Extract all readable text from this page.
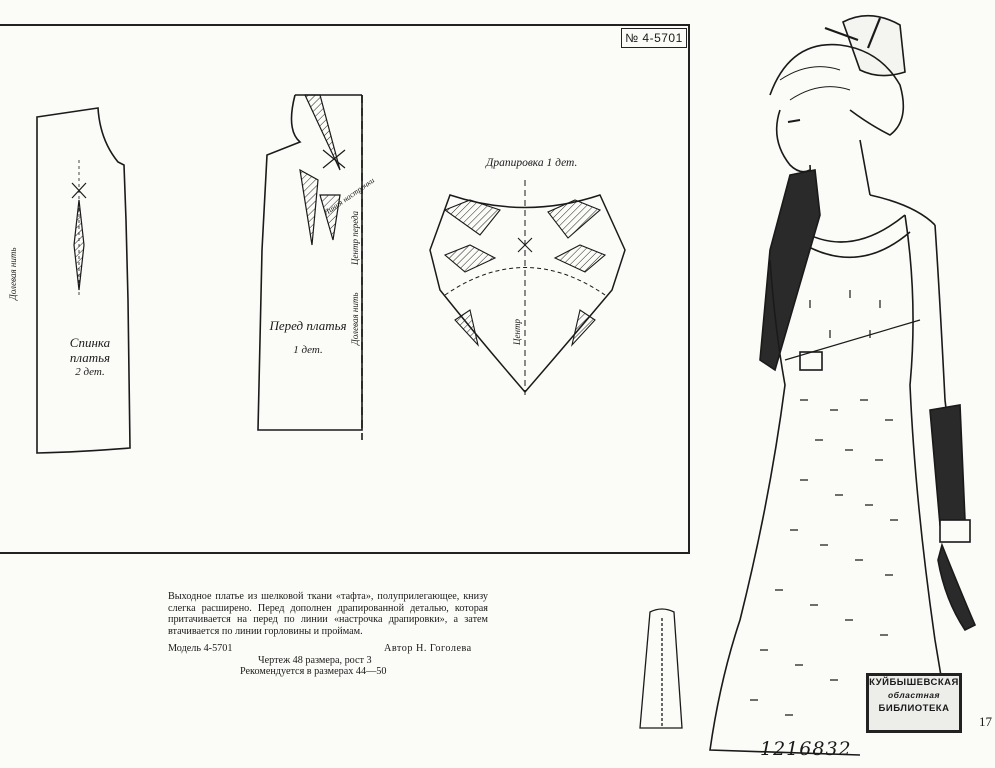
№ 4-5701
Спинка
платья
2 дет.
Перед платья
1 дет.
Драпировка 1 дет.
Долевая нить
Долевая нить
Центр переда
Центр
Линия настрочки
Выходное платье из шелковой ткани «тафта», полуприлегающее, книзу слегка расширено. Перед дополнен драпированной деталью, которая притачивается на перед по линии «настрочка драпировки», а затем втачивается по линии горловины и проймам.
Модель 4-5701	Автор Н. Гоголева
Чертеж 48 размера, рост 3
Рекомендуется в размерах 44—50
КУЙБЫШЕВСКАЯ
областная
БИБЛИОТЕКА
1216832
17
